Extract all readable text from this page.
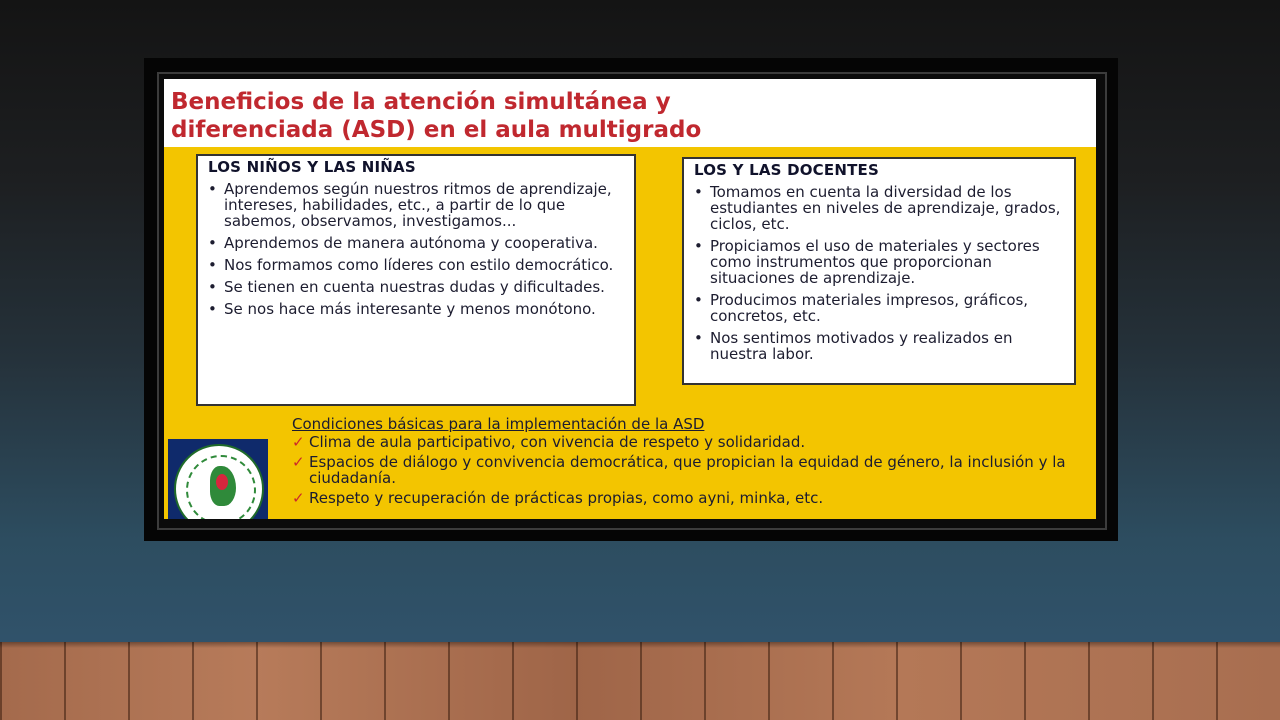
Beneficios de la atención simultánea y
diferenciada (ASD) en el aula multigrado
LOS NIÑOS Y LAS NIÑAS
• Aprendemos según nuestros ritmos de aprendizaje, intereses, habilidades, etc., a partir de lo que sabemos, observamos, investigamos...
• Aprendemos de manera autónoma y cooperativa.
• Nos formamos como líderes con estilo democrático.
• Se tienen en cuenta nuestras dudas y dificultades.
• Se nos hace más interesante y menos monótono.
LOS Y LAS DOCENTES
• Tomamos en cuenta la diversidad de los estudiantes en niveles de aprendizaje, grados, ciclos, etc.
• Propiciamos el uso de materiales y sectores como instrumentos que proporcionan situaciones de aprendizaje.
• Producimos materiales impresos, gráficos, concretos, etc.
• Nos sentimos motivados y realizados en nuestra labor.

Condiciones básicas para la implementación de la ASD

✓ Clima de aula participativo, con vivencia de respeto y solidaridad.
✓ Espacios de diálogo y convivencia democrática, que propician la equidad de género, la inclusión y la ciudadanía.
✓ Respeto y recuperación de prácticas propias, como ayni, minka, etc.
